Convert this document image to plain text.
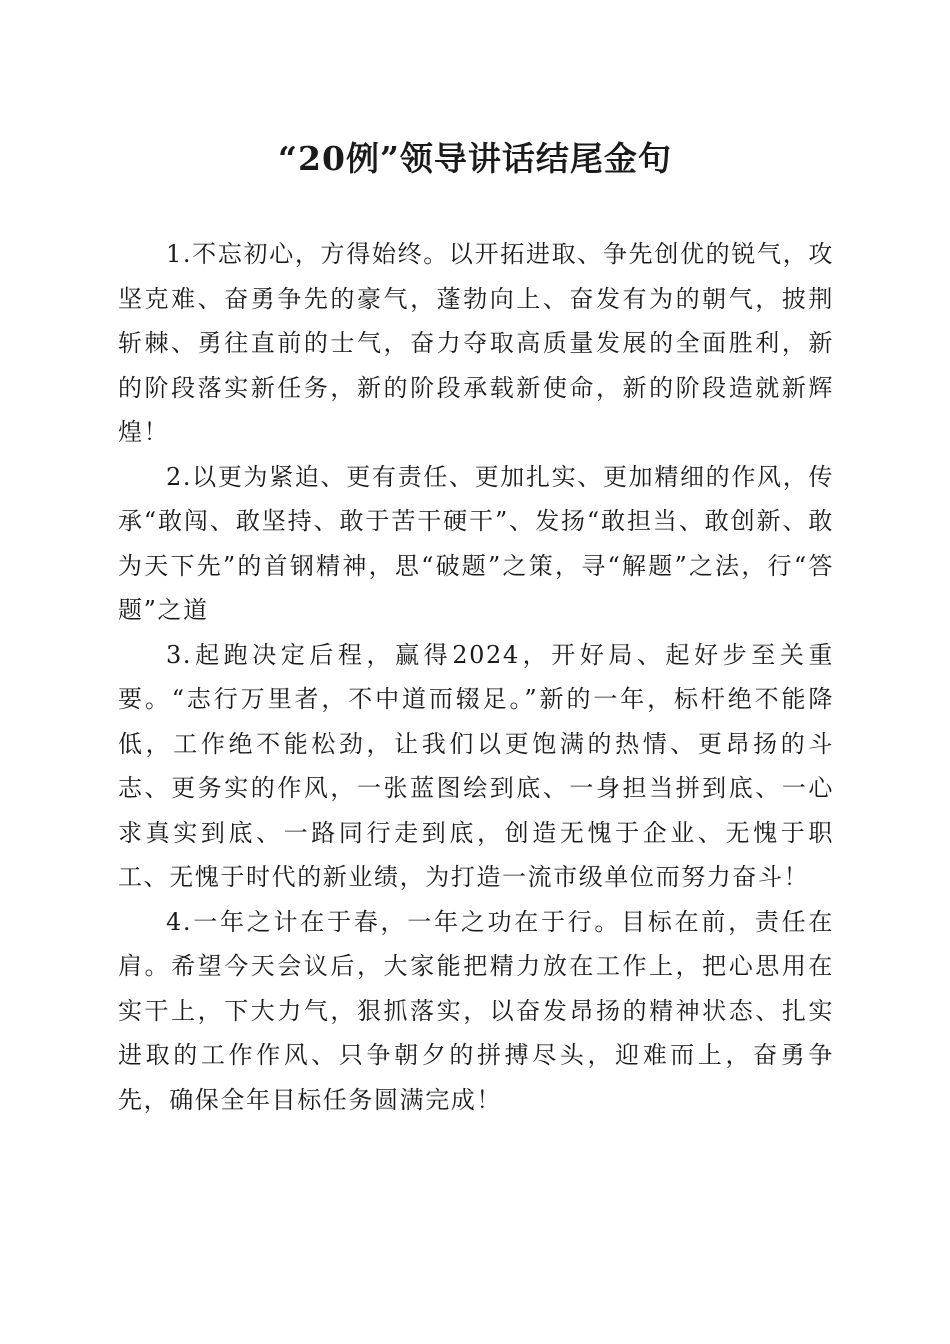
“20例”领导讲话结尾金句

1.不忘初心，方得始终。以开拓进取、争先创优的锐气，攻坚克难、奋勇争先的豪气，蓬勃向上、奋发有为的朝气，披荆斩棘、勇往直前的士气，奋力夺取高质量发展的全面胜利，新的阶段落实新任务，新的阶段承载新使命，新的阶段造就新辉煌！

2.以更为紧迫、更有责任、更加扎实、更加精细的作风，传承“敢闯、敢坚持、敢于苦干硬干”、发扬“敢担当、敢创新、敢为天下先”的首钢精神，思“破题”之策，寻“解题”之法，行“答题”之道

3.起跑决定后程，赢得2024，开好局、起好步至关重要。“志行万里者，不中道而辍足。”新的一年，标杆绝不能降低，工作绝不能松劲，让我们以更饱满的热情、更昂扬的斗志、更务实的作风，一张蓝图绘到底、一身担当拼到底、一心求真实到底、一路同行走到底，创造无愧于企业、无愧于职工、无愧于时代的新业绩，为打造一流市级单位而努力奋斗！

4.一年之计在于春，一年之功在于行。目标在前，责任在肩。希望今天会议后，大家能把精力放在工作上，把心思用在实干上，下大力气，狠抓落实，以奋发昂扬的精神状态、扎实进取的工作作风、只争朝夕的拼搏尽头，迎难而上，奋勇争先，确保全年目标任务圆满完成！
